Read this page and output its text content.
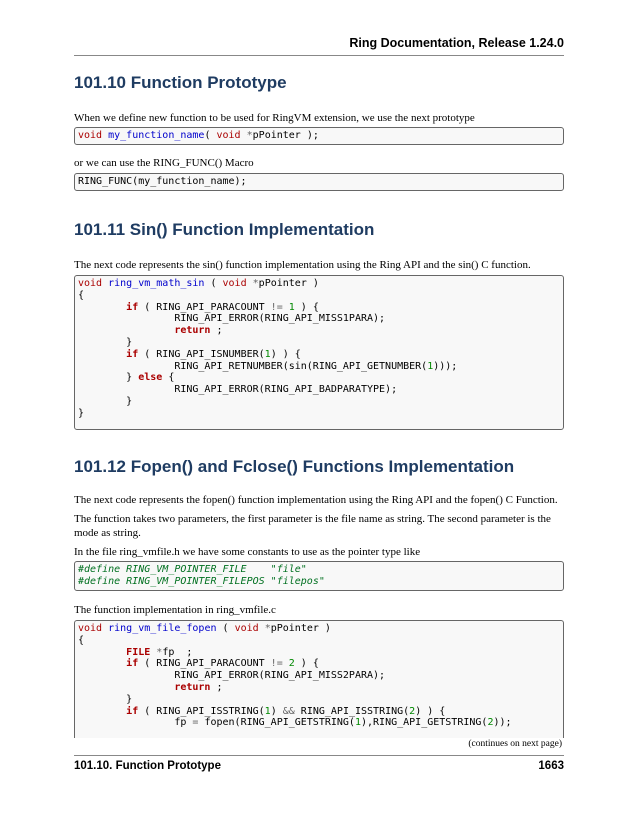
Ring Documentation, Release 1.24.0
101.10 Function Prototype

When we define new function to be used for RingVM extension, we use the next prototype

void my_function_name( void *pPointer );

or we can use the RING_FUNC() Macro

RING_FUNC(my_function_name);
101.11 Sin() Function Implementation

The next code represents the sin() function implementation using the Ring API and the sin() C function.

void ring_vm_math_sin ( void *pPointer )
{
if ( RING_API_PARACOUNT != 1 ) {
RING_API_ERROR(RING_API_MISS1PARA);
return ;
}
if ( RING_API_ISNUMBER(1) ) {
RING_API_RETNUMBER(sin(RING_API_GETNUMBER(1)));
} else {
RING_API_ERROR(RING_API_BADPARATYPE);
}
}
101.12 Fopen() and Fclose() Functions Implementation

The next code represents the fopen() function implementation using the Ring API and the fopen() C Function.

The function takes two parameters, the first parameter is the file name as string. The second parameter is the mode as string.

In the file ring_vmfile.h we have some constants to use as the pointer type like

#define RING_VM_POINTER_FILE "file"
#define RING_VM_POINTER_FILEPOS "filepos"

The function implementation in ring_vmfile.c

void ring_vm_file_fopen ( void *pPointer )
{
FILE *fp  ;
if ( RING_API_PARACOUNT != 2 ) {
RING_API_ERROR(RING_API_MISS2PARA);
return ;
}
if ( RING_API_ISSTRING(1) && RING_API_ISSTRING(2) ) {
fp = fopen(RING_API_GETSTRING(1),RING_API_GETSTRING(2));
(continues on next page)
101.10. Function Prototype	1663
